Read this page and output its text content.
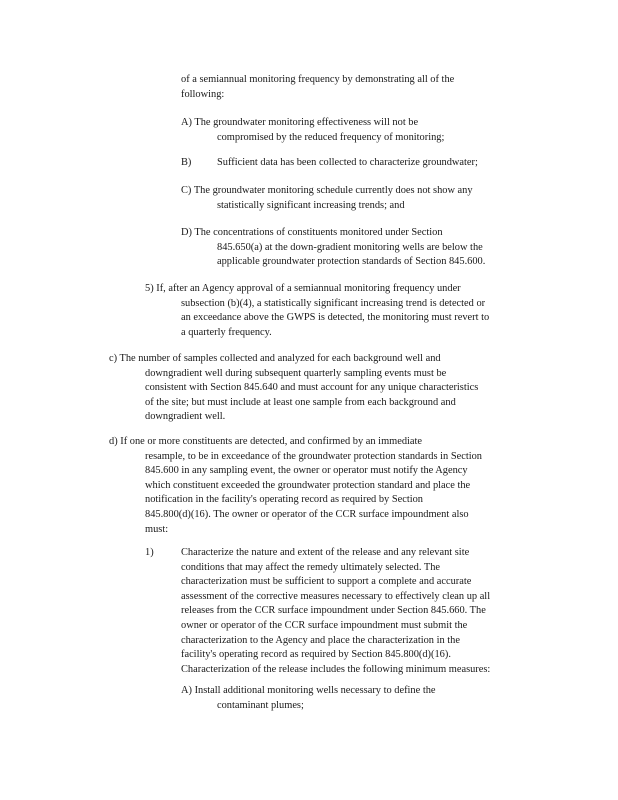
of a semiannual monitoring frequency by demonstrating all of the
following:
A) The groundwater monitoring effectiveness will not be
compromised by the reduced frequency of monitoring;
B) Sufficient data has been collected to characterize groundwater;
C) The groundwater monitoring schedule currently does not show any
statistically significant increasing trends; and
D) The concentrations of constituents monitored under Section
845.650(a) at the down-gradient monitoring wells are below the
applicable groundwater protection standards of Section 845.600.
5) If, after an Agency approval of a semiannual monitoring frequency under
subsection (b)(4), a statistically significant increasing trend is detected or
an exceedance above the GWPS is detected, the monitoring must revert to
a quarterly frequency.
c) The number of samples collected and analyzed for each background well and
downgradient well during subsequent quarterly sampling events must be
consistent with Section 845.640 and must account for any unique characteristics
of the site; but must include at least one sample from each background and
downgradient well.
d) If one or more constituents are detected, and confirmed by an immediate
resample, to be in exceedance of the groundwater protection standards in Section
845.600 in any sampling event, the owner or operator must notify the Agency
which constituent exceeded the groundwater protection standard and place the
notification in the facility's operating record as required by Section
845.800(d)(16). The owner or operator of the CCR surface impoundment also
must:
1)	Characterize the nature and extent of the release and any relevant site
conditions that may affect the remedy ultimately selected. The
characterization must be sufficient to support a complete and accurate
assessment of the corrective measures necessary to effectively clean up all
releases from the CCR surface impoundment under Section 845.660. The
owner or operator of the CCR surface impoundment must submit the
characterization to the Agency and place the characterization in the
facility's operating record as required by Section 845.800(d)(16).
Characterization of the release includes the following minimum measures:
A) Install additional monitoring wells necessary to define the
contaminant plumes;
